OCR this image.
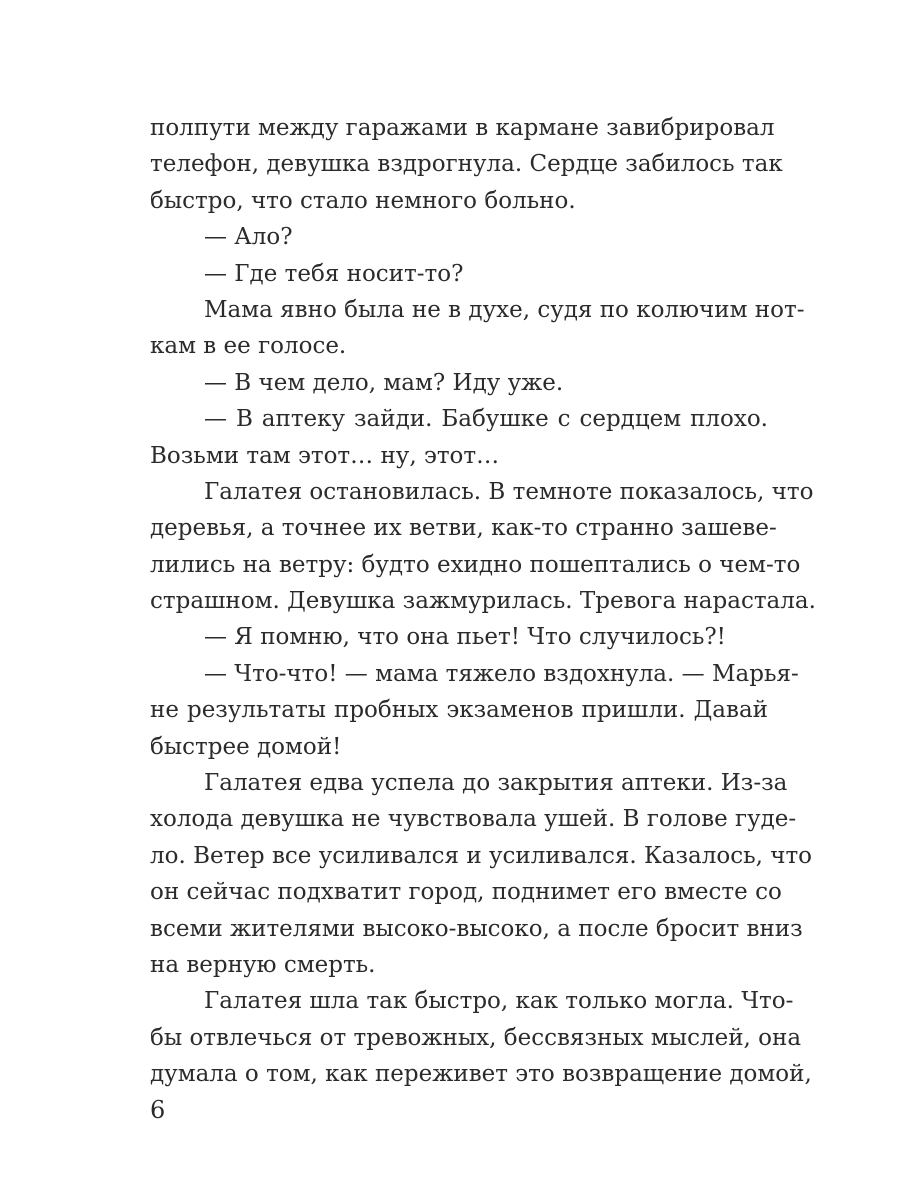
полпути между гаражами в кармане завибрировал
телефон, девушка вздрогнула. Сердце забилось так
быстро, что стало немного больно.
— Ало?
— Где тебя носит-то?
Мама явно была не в духе, судя по колючим нот-
кам в ее голосе.
— В чем дело, мам? Иду уже.
— В аптеку зайди. Бабушке с сердцем плохо.
Возьми там этот… ну, этот…
Галатея остановилась. В темноте показалось, что
деревья, а точнее их ветви, как-то странно зашеве-
лились на ветру: будто ехидно пошептались о чем-то
страшном. Девушка зажмурилась. Тревога нарастала.
— Я помню, что она пьет! Что случилось?!
— Что-что! — мама тяжело вздохнула. — Марья-
не результаты пробных экзаменов пришли. Давай
быстрее домой!
Галатея едва успела до закрытия аптеки. Из-за
холода девушка не чувствовала ушей. В голове гуде-
ло. Ветер все усиливался и усиливался. Казалось, что
он сейчас подхватит город, поднимет его вместе со
всеми жителями высоко-высоко, а после бросит вниз
на верную смерть.
Галатея шла так быстро, как только могла. Что-
бы отвлечься от тревожных, бессвязных мыслей, она
думала о том, как переживет это возвращение домой,
6
